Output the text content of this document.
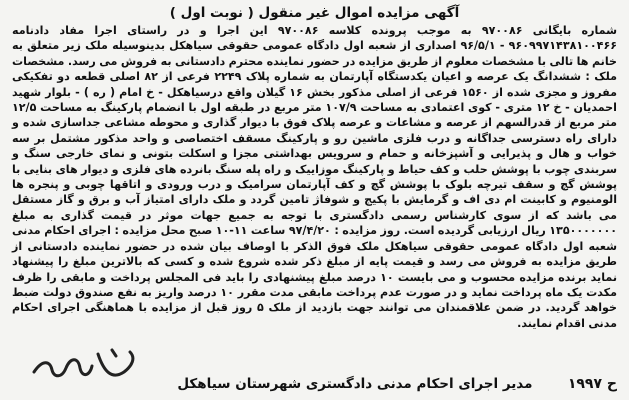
آگهی مزایده اموال غیر منقول ( نوبت اول )
شماره بایگانی ۹۷۰۰۸۶ به موجب پرونده کلاسه ۹۷۰۰۸۶ این اجرا و در راستای اجرا مفاد دادنامه ۹۶۰۹۹۷۱۴۳۸۱۰۰۴۶۶ - ۹۶/۵/۱ اصداری از شعبه اول دادگاه عمومی حقوقی سیاهکل بدینوسیله ملک زیر متعلق به خانم ها تالی با مشخصات معلوم از طریق مزایده در حضور نماینده محترم دادستانی به فروش می رسد. مشخصات ملک : ششدانگ یک عرصه و اعیان یکدستگاه آپارتمان به شماره پلاک ۲۲۴۹ فرعی از ۸۲ اصلی قطعه دو تفکیکی مفروز و مجزی شده از ۱۵۶۰ فرعی از اصلی مذکور بخش ۱۶ گیلان واقع درسیاهکل - خ امام ( ره ) - بلوار شهید احمدیان - خ ۱۲ متری - کوی اعتمادی به مساحت ۱۰۷/۹ متر مربع در طبقه اول با انضمام پارکینگ به مساحت ۱۲/۵ متر مربع از قدرالسهم از عرصه و مشاعات و عرصه پلاک فوق با دیوار گذاری و محوطه مشاعی جداسازی شده و دارای راه دسترسی جداگانه و درب فلزی ماشین رو و پارکینگ مسقف اختصاصی و واحد مذکور مشتمل بر سه خواب و هال و پذیرایی و آشپزخانه و حمام و سرویس بهداشتی مجزا و اسکلت بتونی و نمای خارجی سنگ و سربندی چوب با پوشش حلب و کف حیاط و پارکینگ موزاییک و راه پله سنگ بانرده های فلزی و دیوار های بنایی با پوشش گچ و سقف تیرچه بلوک با پوشش گچ و کف آپارتمان سرامیک و درب ورودی و اتاقها چوبی و پنجره ها الومنیوم و کابینت ام دی اف و گرمایش با پکیج و شوفاژ تامین گردد و ملک دارای امتیاز آب و برق و گاز مستقل می باشد که از سوی کارشناس رسمی دادگستری با توجه به جمیع جهات موثر در قیمت گذاری به مبلغ ۱۳۵۰۰۰۰۰۰۰ ریال ارزیابی گردیده است. روز مزایده : ۹۷/۴/۲۰ ساعت ۱۱-۱۰ صبح محل مزایده : اجرای احکام مدنی شعبه اول دادگاه عمومی حقوقی سیاهکل ملک فوق الذکر با اوصاف بیان شده در حضور نماینده دادستانی از طریق مزایده به فروش می رسد و قیمت پایه از مبلغ ذکر شده شروع شده و کسی که بالاترین مبلغ را پیشنهاد نماید برنده مزایده محسوب و می بایست ۱۰ درصد مبلغ پیشنهادی را باید فی المجلس پرداخت و مابقی را ظرف مکدت یک ماه پرداخت نماید و در صورت عدم پرداخت مابقی مدت مقرر ۱۰ درصد واریز به نفع صندوق دولت ضبط خواهد گردید. در ضمن علاقمندان می توانند جهت بازدید از ملک ۵ روز قبل از مزایده با هماهنگی اجرای احکام مدنی اقدام نمایند.
ح ۱۹۹۷
مدیر اجرای احکام مدنی دادگستری شهرستان سیاهکل
